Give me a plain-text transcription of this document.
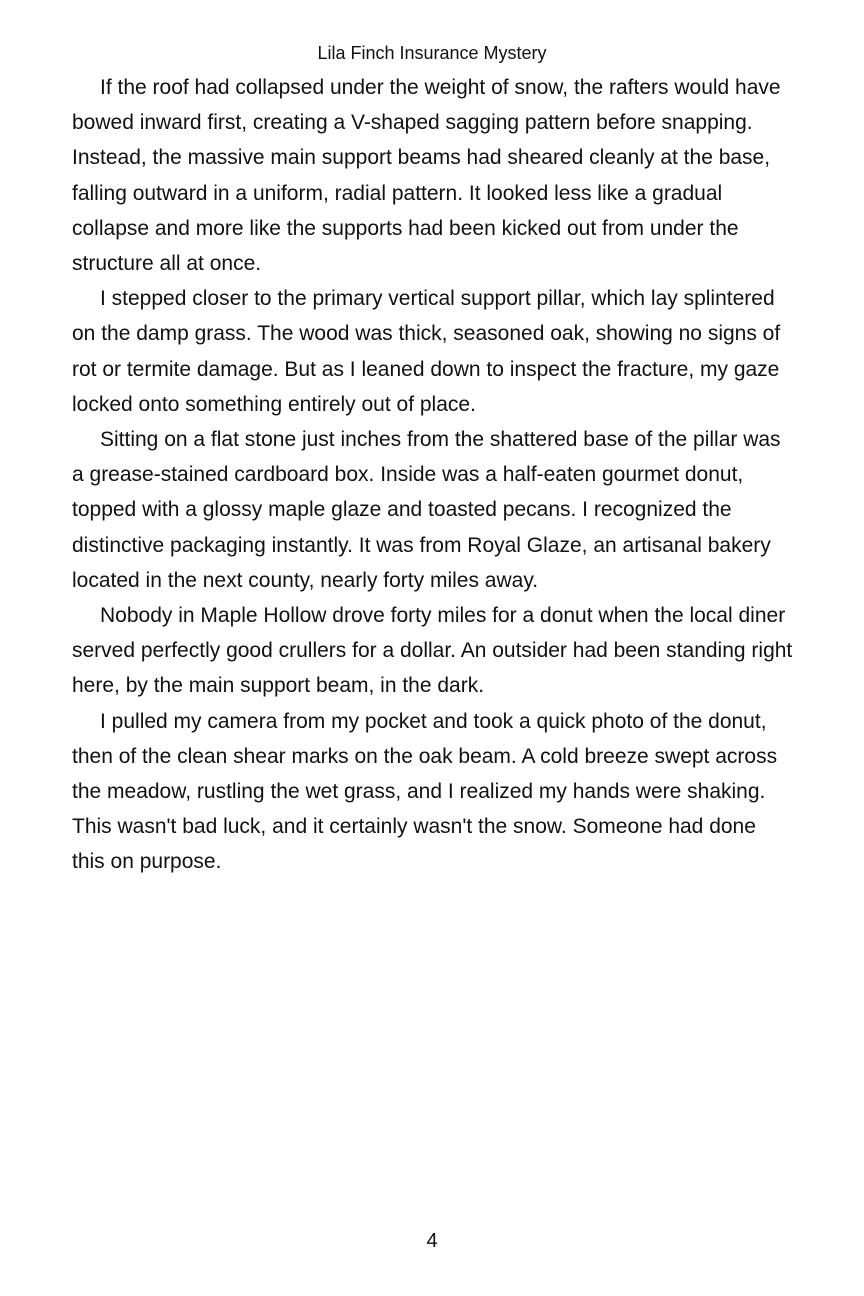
Lila Finch Insurance Mystery

If the roof had collapsed under the weight of snow, the rafters would have bowed inward first, creating a V-shaped sagging pattern before snapping. Instead, the massive main support beams had sheared cleanly at the base, falling outward in a uniform, radial pattern. It looked less like a gradual collapse and more like the supports had been kicked out from under the structure all at once.

I stepped closer to the primary vertical support pillar, which lay splintered on the damp grass. The wood was thick, seasoned oak, showing no signs of rot or termite damage. But as I leaned down to inspect the fracture, my gaze locked onto something entirely out of place.

Sitting on a flat stone just inches from the shattered base of the pillar was a grease-stained cardboard box. Inside was a half-eaten gourmet donut, topped with a glossy maple glaze and toasted pecans. I recognized the distinctive packaging instantly. It was from Royal Glaze, an artisanal bakery located in the next county, nearly forty miles away.

Nobody in Maple Hollow drove forty miles for a donut when the local diner served perfectly good crullers for a dollar. An outsider had been standing right here, by the main support beam, in the dark.

I pulled my camera from my pocket and took a quick photo of the donut, then of the clean shear marks on the oak beam. A cold breeze swept across the meadow, rustling the wet grass, and I realized my hands were shaking. This wasn't bad luck, and it certainly wasn't the snow. Someone had done this on purpose.

4
